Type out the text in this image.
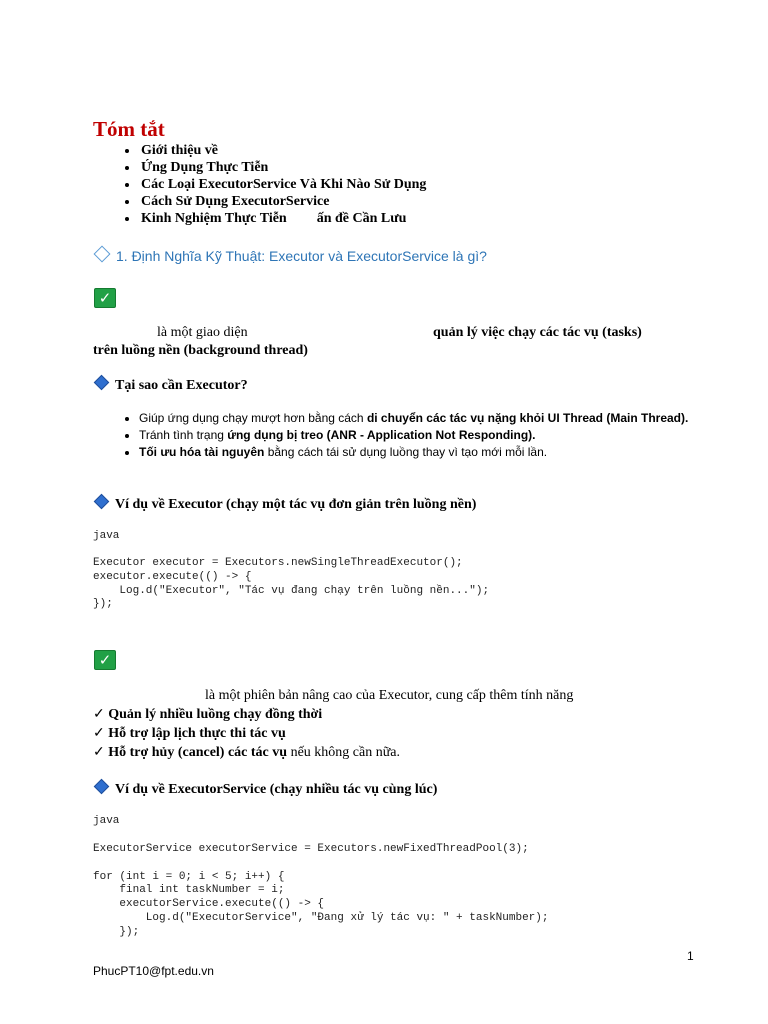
Tóm tắt
• Giới thiệu về
• Ứng Dụng Thực Tiễn
• Các Loại ExecutorService Và Khi Nào Sử Dụng
• Cách Sử Dụng ExecutorService
• Kinh Nghiệm Thực Tiễn ấn đề Cần Lưu
1. Định Nghĩa Kỹ Thuật: Executor và ExecutorService là gì?
✓
là một giao diện	quản lý việc chạy các tác vụ (tasks)
trên luồng nền (background thread)
Tại sao cần Executor?
• Giúp ứng dụng chạy mượt hơn bằng cách di chuyển các tác vụ nặng khỏi UI Thread (Main Thread).
• Tránh tình trạng ứng dụng bị treo (ANR - Application Not Responding).
• Tối ưu hóa tài nguyên bằng cách tái sử dụng luồng thay vì tạo mới mỗi lần.
Ví dụ về Executor (chạy một tác vụ đơn giản trên luồng nền)
java
Executor executor = Executors.newSingleThreadExecutor();
executor.execute(() -> {
Log.d("Executor", "Tác vụ đang chạy trên luồng nền...");
});
✓
là một phiên bản nâng cao của Executor, cung cấp thêm tính năng
✓ Quản lý nhiều luồng chạy đồng thời
✓ Hỗ trợ lập lịch thực thi tác vụ
✓ Hỗ trợ hủy (cancel) các tác vụ nếu không cần nữa.
Ví dụ về ExecutorService (chạy nhiều tác vụ cùng lúc)
java
ExecutorService executorService = Executors.newFixedThreadPool(3);

for (int i = 0; i < 5; i++) {
final int taskNumber = i;
executorService.execute(() -> {
Log.d("ExecutorService", "Đang xử lý tác vụ: " + taskNumber);
});
1
PhucPT10@fpt.edu.vn
